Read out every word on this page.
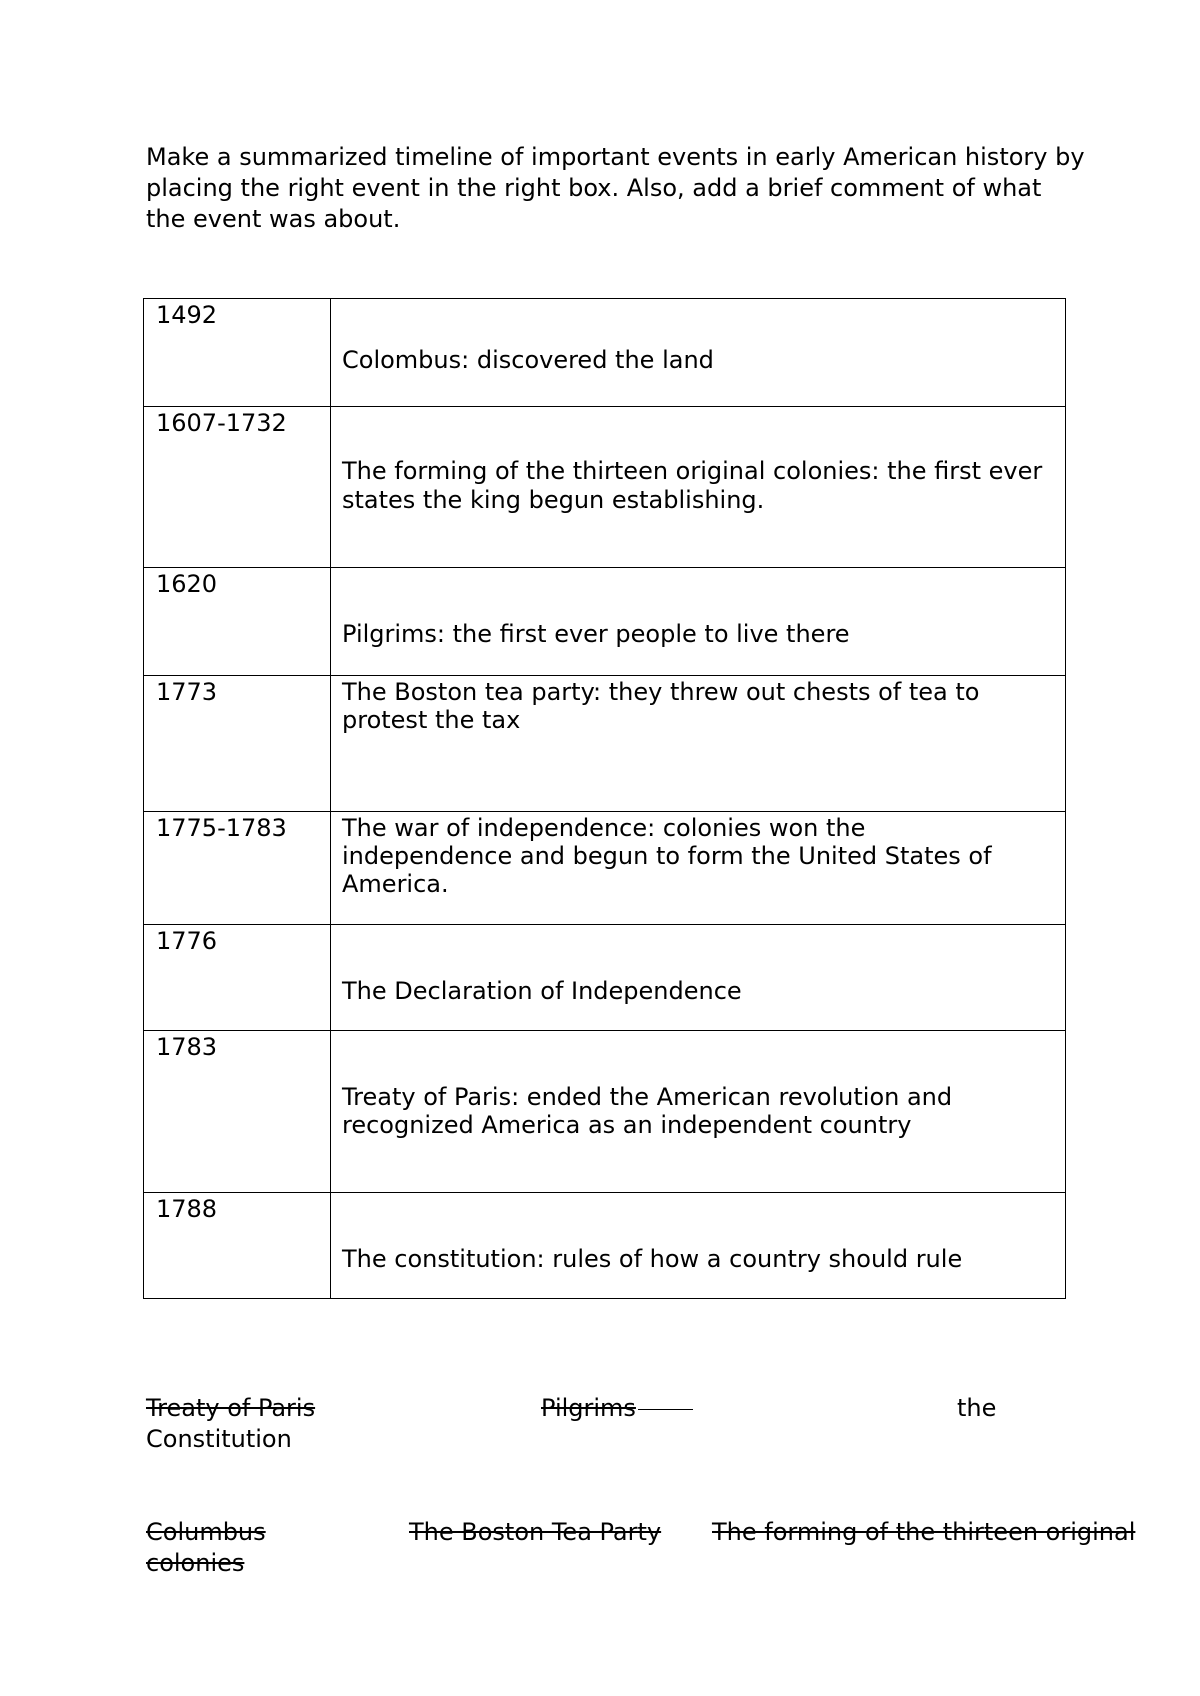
Make a summarized timeline of important events in early American history by placing the right event in the right box. Also, add a brief comment of what the event was about.

1492	Colombus: discovered the land

1607-1732	The forming of the thirteen original colonies: the first ever
states the king begun establishing.

1620	Pilgrims: the first ever people to live there

1773	The Boston tea party: they threw out chests of tea to
protest the tax

1775-1783	The war of independence: colonies won the
independence and begun to form the United States of
America.

1776	The Declaration of Independence

1783	Treaty of Paris: ended the American revolution and
recognized America as an independent country

1788	The constitution: rules of how a country should rule
Treaty of Paris	Pilgrims	the
Constitution
Columbus	The Boston Tea Party The forming of the thirteen original
colonies
